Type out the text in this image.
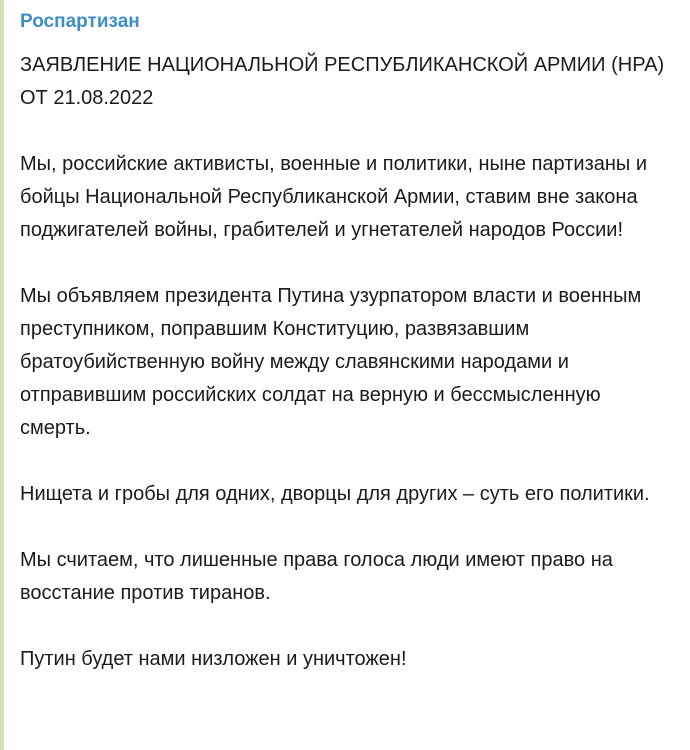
Роспартизан
ЗАЯВЛЕНИЕ НАЦИОНАЛЬНОЙ РЕСПУБЛИКАНСКОЙ АРМИИ (НРА) ОТ 21.08.2022

Мы, российские активисты, военные и политики, ныне партизаны и бойцы Национальной Республиканской Армии, ставим вне закона поджигателей войны, грабителей и угнетателей народов России!

Мы объявляем президента Путина узурпатором власти и военным преступником, поправшим Конституцию, развязавшим братоубийственную войну между славянскими народами и отправившим российских солдат на верную и бессмысленную смерть.

Нищета и гробы для одних, дворцы для других – суть его политики.

Мы считаем, что лишенные права голоса люди имеют право на восстание против тиранов.

Путин будет нами низложен и уничтожен!
